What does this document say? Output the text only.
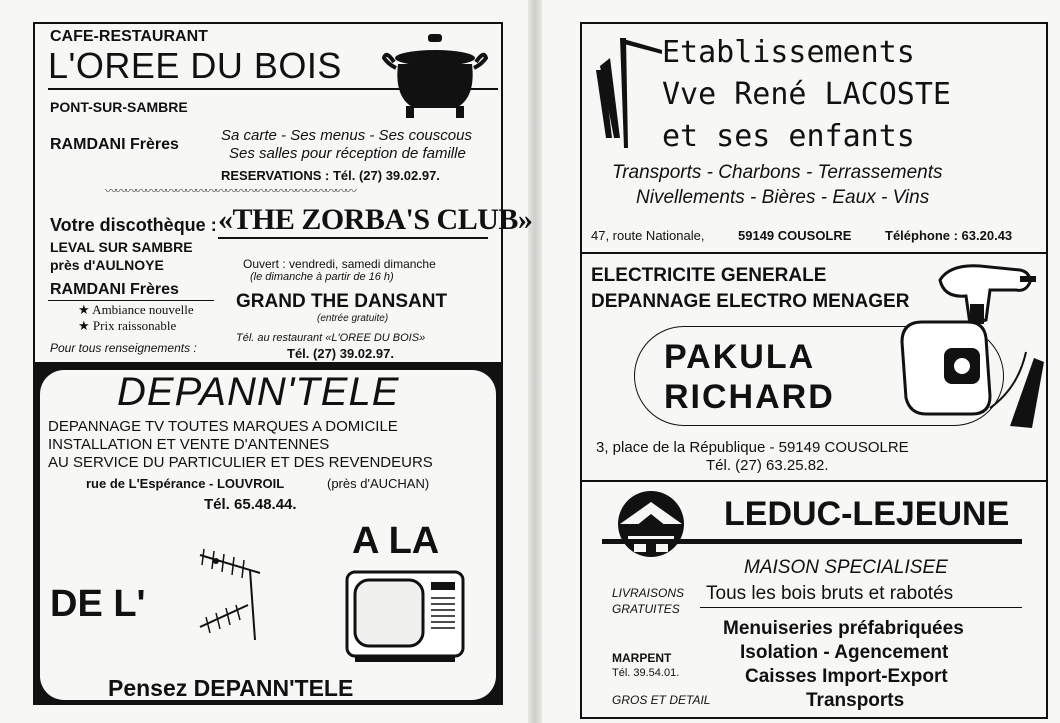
CAFE-RESTAURANT
L'OREE DU BOIS
PONT-SUR-SAMBRE
RAMDANI Frères
Sa carte - Ses menus - Ses couscous
Ses salles pour réception de famille
RESERVATIONS : Tél. (27) 39.02.97.
〰〰〰〰〰〰〰〰〰〰〰〰〰〰〰〰〰〰〰〰〰〰〰〰〰
Votre discothèque : «THE ZORBA'S CLUB»
LEVAL SUR SAMBRE
près d'AULNOYE
RAMDANI Frères
★ Ambiance nouvelle
★ Prix raissonable
Pour tous renseignements :
Ouvert : vendredi, samedi dimanche
(le dimanche à partir de 16 h)
GRAND THE DANSANT
(entrée gratuite)
Tél. au restaurant «L'OREE DU BOIS»
Tél. (27) 39.02.97.
DEPANN'TELE
DEPANNAGE TV TOUTES MARQUES A DOMICILE
INSTALLATION ET VENTE D'ANTENNES
AU SERVICE DU PARTICULIER ET DES REVENDEURS
rue de L'Espérance - LOUVROIL	(près d'AUCHAN)
Tél. 65.48.44.
A LA
DE L'
Pensez DEPANN'TELE
Etablissements
Vve René LACOSTE
et ses enfants
Transports - Charbons - Terrassements
Nivellements - Bières - Eaux - Vins
47, route Nationale,	59149 COUSOLRE	Téléphone : 63.20.43
ELECTRICITE GENERALE
DEPANNAGE ELECTRO MENAGER
PAKULA
RICHARD
3, place de la République - 59149 COUSOLRE
Tél. (27) 63.25.82.
LEDUC-LEJEUNE
MAISON SPECIALISEE
LIVRAISONS
GRATUITES
Tous les bois bruts et rabotés
Menuiseries préfabriquées
Isolation - Agencement
Caisses Import-Export
Transports
MARPENT
Tél. 39.54.01.
GROS ET DETAIL
